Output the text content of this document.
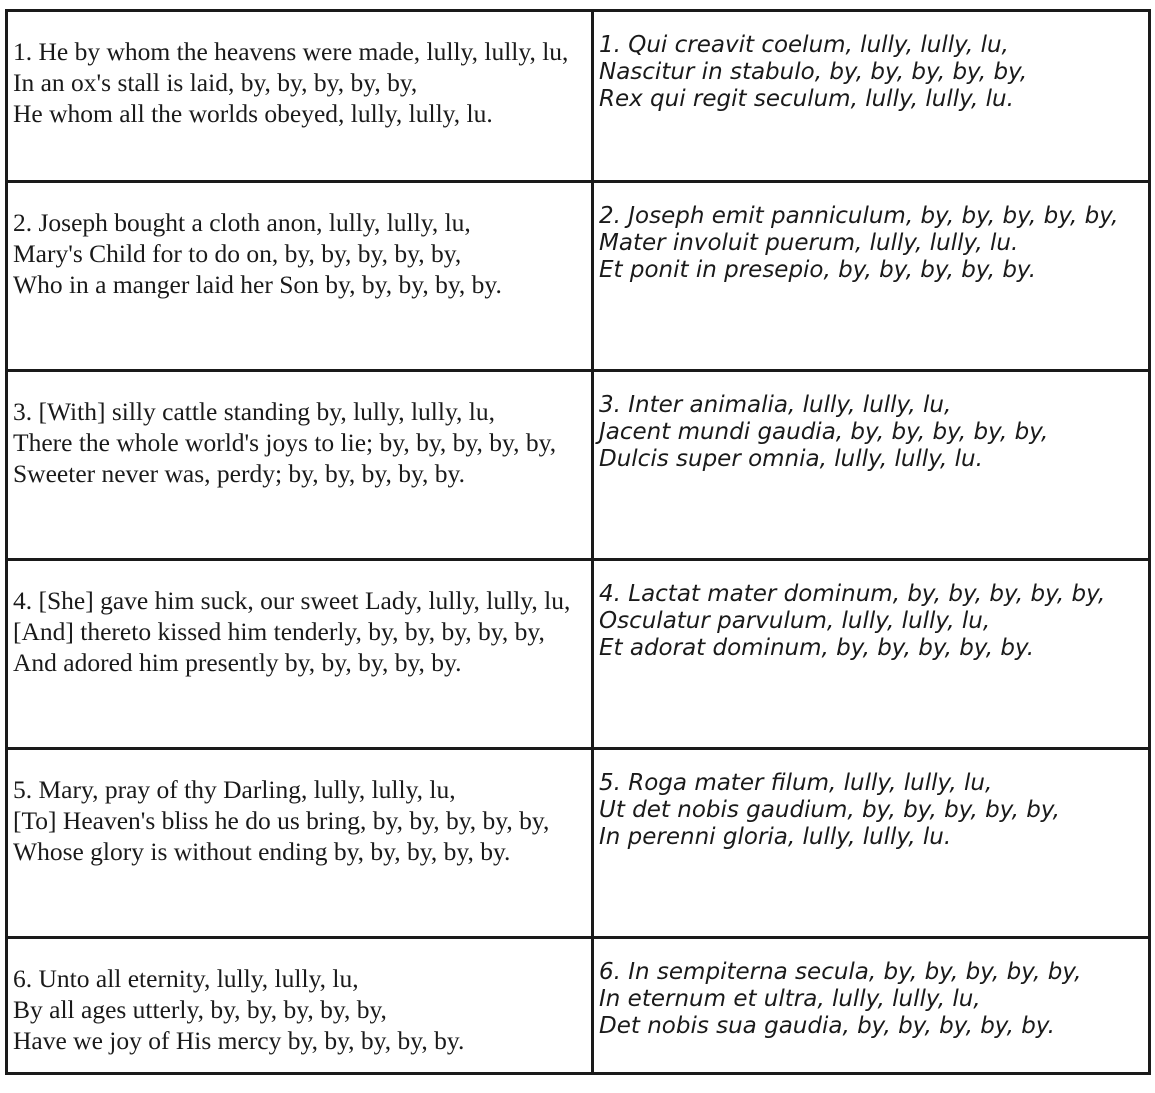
1. He by whom the heavens were made, lully, lully, lu,
In an ox's stall is laid, by, by, by, by, by,
He whom all the worlds obeyed, lully, lully, lu.	1. Qui creavit coelum, lully, lully, lu,
Nascitur in stabulo, by, by, by, by, by,
Rex qui regit seculum, lully, lully, lu.

2. Joseph bought a cloth anon, lully, lully, lu,
Mary's Child for to do on, by, by, by, by, by,
Who in a manger laid her Son by, by, by, by, by.	2. Joseph emit panniculum, by, by, by, by, by,
Mater involuit puerum, lully, lully, lu.
Et ponit in presepio, by, by, by, by, by.

3. [With] silly cattle standing by, lully, lully, lu,
There the whole world's joys to lie; by, by, by, by, by,
Sweeter never was, perdy; by, by, by, by, by.	3. Inter animalia, lully, lully, lu,
Jacent mundi gaudia, by, by, by, by, by,
Dulcis super omnia, lully, lully, lu.

4. [She] gave him suck, our sweet Lady, lully, lully, lu,
[And] thereto kissed him tenderly, by, by, by, by, by,
And adored him presently by, by, by, by, by.	4. Lactat mater dominum, by, by, by, by, by,
Osculatur parvulum, lully, lully, lu,
Et adorat dominum, by, by, by, by, by.

5. Mary, pray of thy Darling, lully, lully, lu,
[To] Heaven's bliss he do us bring, by, by, by, by, by,
Whose glory is without ending by, by, by, by, by.	5. Roga mater filum, lully, lully, lu,
Ut det nobis gaudium, by, by, by, by, by,
In perenni gloria, lully, lully, lu.

6. Unto all eternity, lully, lully, lu,
By all ages utterly, by, by, by, by, by,
Have we joy of His mercy by, by, by, by, by.	6. In sempiterna secula, by, by, by, by, by,
In eternum et ultra, lully, lully, lu,
Det nobis sua gaudia, by, by, by, by, by.
